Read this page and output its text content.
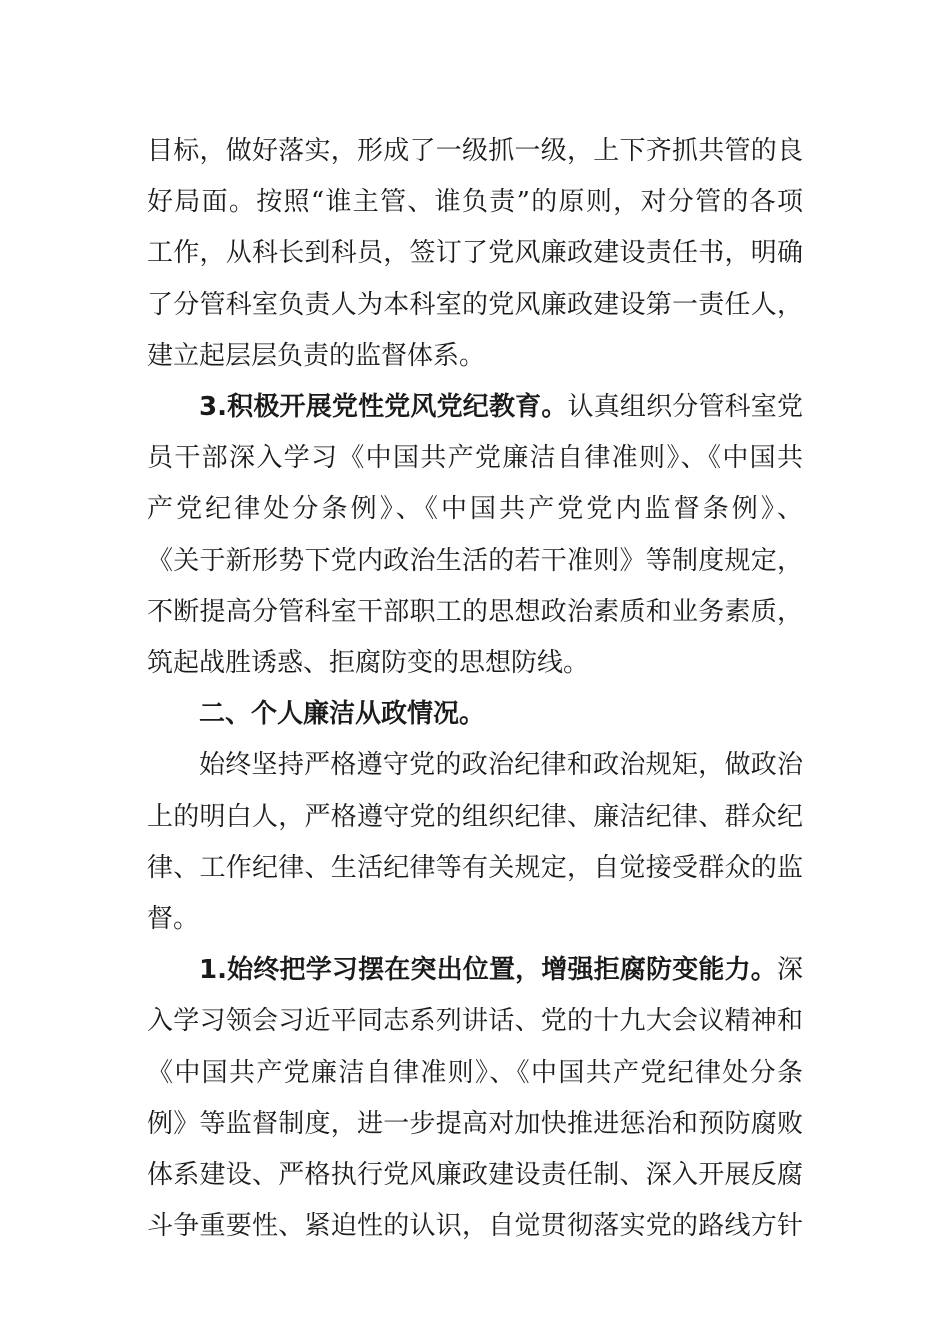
目标，做好落实，形成了一级抓一级，上下齐抓共管的良
好局面。按照“谁主管、谁负责”的原则，对分管的各项
工作，从科长到科员，签订了党风廉政建设责任书，明确
了分管科室负责人为本科室的党风廉政建设第一责任人，
建立起层层负责的监督体系。

3.积极开展党性党风党纪教育。认真组织分管科室党
员干部深入学习《中国共产党廉洁自律准则》、《中国共
产党纪律处分条例》、《中国共产党党内监督条例》、
《关于新形势下党内政治生活的若干准则》等制度规定，
不断提高分管科室干部职工的思想政治素质和业务素质，
筑起战胜诱惑、拒腐防变的思想防线。

二、个人廉洁从政情况。

始终坚持严格遵守党的政治纪律和政治规矩，做政治
上的明白人，严格遵守党的组织纪律、廉洁纪律、群众纪
律、工作纪律、生活纪律等有关规定，自觉接受群众的监
督。

1.始终把学习摆在突出位置，增强拒腐防变能力。深
入学习领会习近平同志系列讲话、党的十九大会议精神和
《中国共产党廉洁自律准则》、《中国共产党纪律处分条
例》等监督制度，进一步提高对加快推进惩治和预防腐败
体系建设、严格执行党风廉政建设责任制、深入开展反腐
斗争重要性、紧迫性的认识，自觉贯彻落实党的路线方针
